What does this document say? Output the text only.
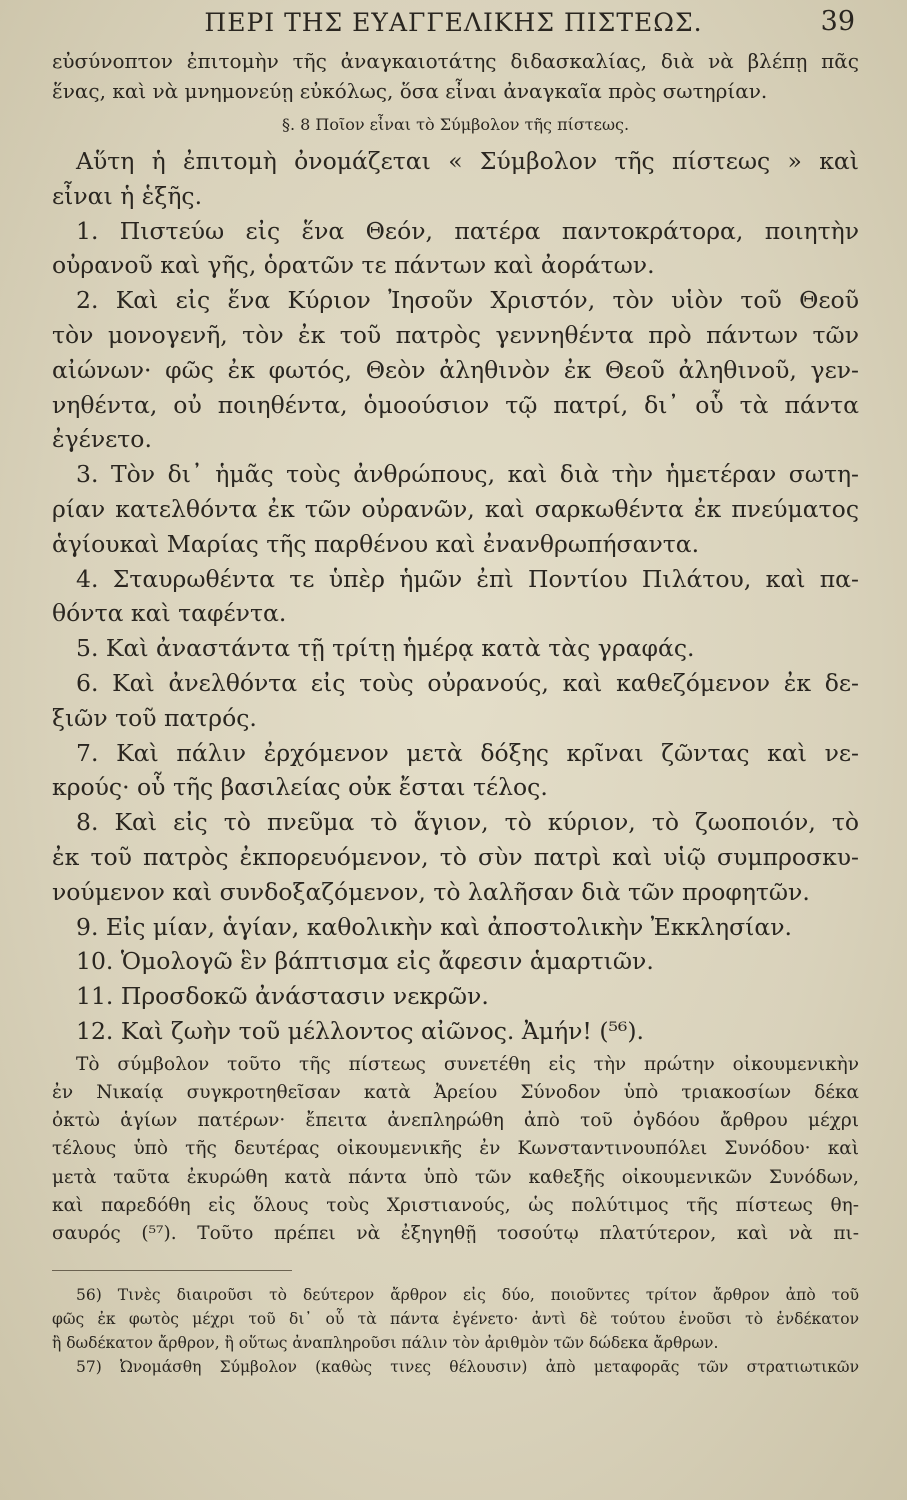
ΠΕΡΙ ΤΗΣ ΕΥΑΓΓΕΛΙΚΗΣ ΠΙΣΤΕΩΣ.	39
εὐσύνοπτον ἐπιτομὴν τῆς ἀναγκαιοτάτης διδασκαλίας, διὰ νὰ βλέπῃ πᾶς
ἕνας, καὶ νὰ μνημονεύῃ εὐκόλως, ὅσα εἶναι ἀναγκαῖα πρὸς σωτηρίαν.
§. 8 Ποῖον εἶναι τὸ Σύμβολον τῆς πίστεως.
Αὕτη ἡ ἐπιτομὴ ὀνομάζεται « Σύμβολον τῆς πίστεως » καὶ
εἶναι ἡ ἑξῆς.
1. Πιστεύω εἰς ἕνα Θεόν, πατέρα παντοκράτορα, ποιητὴν
οὐρανοῦ καὶ γῆς, ὁρατῶν τε πάντων καὶ ἀοράτων.
2. Καὶ εἰς ἕνα Κύριον Ἰησοῦν Χριστόν, τὸν υἱὸν τοῦ Θεοῦ
τὸν μονογενῆ, τὸν ἐκ τοῦ πατρὸς γεννηθέντα πρὸ πάντων τῶν
αἰώνων· φῶς ἐκ φωτός, Θεὸν ἀληθινὸν ἐκ Θεοῦ ἀληθινοῦ, γεν-
νηθέντα, οὐ ποιηθέντα, ὁμοούσιον τῷ πατρί, δι᾽ οὗ τὰ πάντα
ἐγένετο.
3. Τὸν δι᾽ ἡμᾶς τοὺς ἀνθρώπους, καὶ διὰ τὴν ἡμετέραν σωτη-
ρίαν κατελθόντα ἐκ τῶν οὐρανῶν, καὶ σαρκωθέντα ἐκ πνεύματος
ἁγίουκαὶ Μαρίας τῆς παρθένου καὶ ἐνανθρωπήσαντα.
4. Σταυρωθέντα τε ὑπὲρ ἡμῶν ἐπὶ Ποντίου Πιλάτου, καὶ πα-
θόντα καὶ ταφέντα.
5. Καὶ ἀναστάντα τῇ τρίτῃ ἡμέρᾳ κατὰ τὰς γραφάς.
6. Καὶ ἀνελθόντα εἰς τοὺς οὐρανούς, καὶ καθεζόμενον ἐκ δε-
ξιῶν τοῦ πατρός.
7. Καὶ πάλιν ἐρχόμενον μετὰ δόξης κρῖναι ζῶντας καὶ νε-
κρούς· οὗ τῆς βασιλείας οὐκ ἔσται τέλος.
8. Καὶ εἰς τὸ πνεῦμα τὸ ἅγιον, τὸ κύριον, τὸ ζωοποιόν, τὸ
ἐκ τοῦ πατρὸς ἐκπορευόμενον, τὸ σὺν πατρὶ καὶ υἱῷ συμπροσκυ-
νούμενον καὶ συνδοξαζόμενον, τὸ λαλῆσαν διὰ τῶν προφητῶν.
9. Εἰς μίαν, ἁγίαν, καθολικὴν καὶ ἀποστολικὴν Ἐκκλησίαν.
10. Ὁμολογῶ ἓν βάπτισμα εἰς ἄφεσιν ἁμαρτιῶν.
11. Προσδοκῶ ἀνάστασιν νεκρῶν.
12. Καὶ ζωὴν τοῦ μέλλοντος αἰῶνος. Ἀμήν! (⁵⁶).
Τὸ σύμβολον τοῦτο τῆς πίστεως συνετέθη εἰς τὴν πρώτην οἰκουμενικὴν
ἐν Νικαίᾳ συγκροτηθεῖσαν κατὰ Ἀρείου Σύνοδον ὑπὸ τριακοσίων δέκα
ὀκτὼ ἁγίων πατέρων· ἔπειτα ἀνεπληρώθη ἀπὸ τοῦ ὀγδόου ἄρθρου μέχρι
τέλους ὑπὸ τῆς δευτέρας οἰκουμενικῆς ἐν Κωνσταντινουπόλει Συνόδου· καὶ
μετὰ ταῦτα ἐκυρώθη κατὰ πάντα ὑπὸ τῶν καθεξῆς οἰκουμενικῶν Συνόδων,
καὶ παρεδόθη εἰς ὅλους τοὺς Χριστιανούς, ὡς πολύτιμος τῆς πίστεως θη-
σαυρός (⁵⁷). Τοῦτο πρέπει νὰ ἐξηγηθῇ τοσούτῳ πλατύτερον, καὶ νὰ πι-
56) Τινὲς διαιροῦσι τὸ δεύτερον ἄρθρον εἰς δύο, ποιοῦντες τρίτον ἄρθρον ἀπὸ τοῦ
φῶς ἐκ φωτὸς μέχρι τοῦ δι᾽ οὗ τὰ πάντα ἐγένετο· ἀντὶ δὲ τούτου ἑνοῦσι τὸ ἑνδέκατον
ἢ δωδέκατον ἄρθρον, ἢ οὕτως ἀναπληροῦσι πάλιν τὸν ἀριθμὸν τῶν δώδεκα ἄρθρων.
57) Ὠνομάσθη Σύμβολον (καθὼς τινες θέλουσιν) ἀπὸ μεταφορᾶς τῶν στρατιωτικῶν
